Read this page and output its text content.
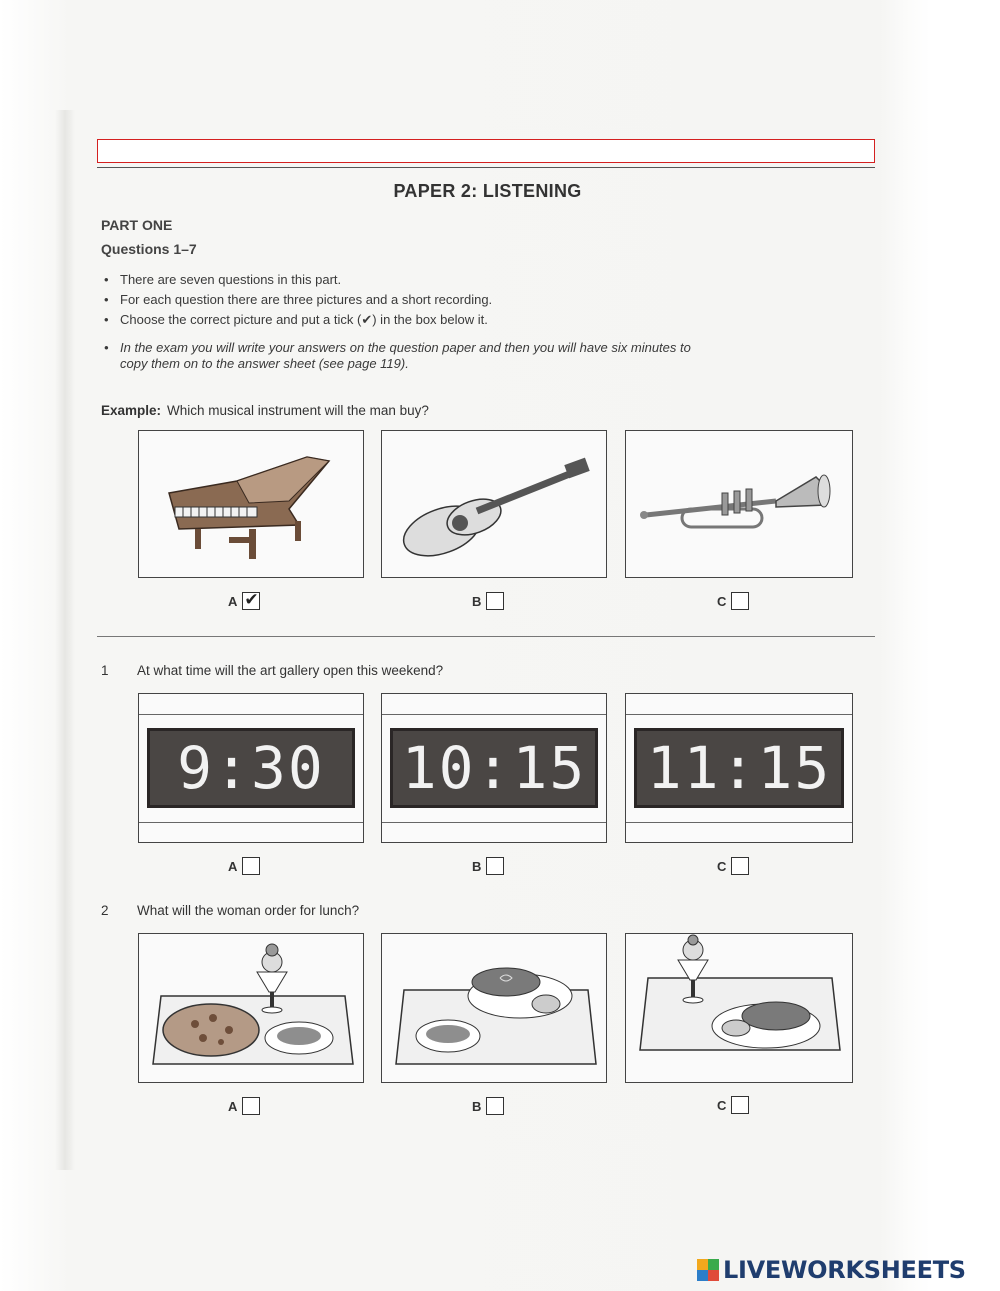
PAPER 2: LISTENING
PART ONE
Questions 1–7
• There are seven questions in this part.
• For each question there are three pictures and a short recording.
• Choose the correct picture and put a tick (✔) in the box below it.
• In the exam you will write your answers on the question paper and then you will have six minutes to copy them on to the answer sheet (see page 119).
Example: Which musical instrument will the man buy?
A✔	B	C
1 At what time will the art gallery open this weekend?
9:30	10:15 11:15
A	B	C
2 What will the woman order for lunch?
A	B	C
LIVEWORKSHEETS
